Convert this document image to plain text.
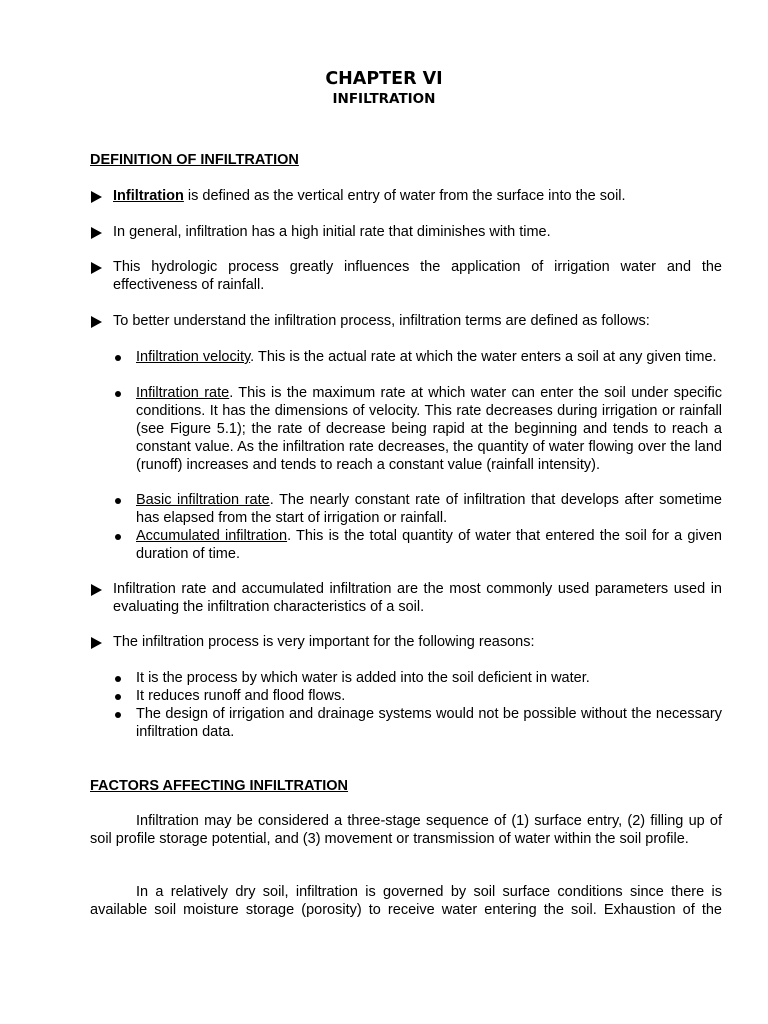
CHAPTER VI
INFILTRATION
DEFINITION OF INFILTRATION
Infiltration is defined as the vertical entry of water from the surface into the soil.
In general, infiltration has a high initial rate that diminishes with time.
This hydrologic process greatly influences the application of irrigation water and the effectiveness of rainfall.
To better understand the infiltration process, infiltration terms are defined as follows:
Infiltration velocity. This is the actual rate at which the water enters a soil at any given time.
Infiltration rate. This is the maximum rate at which water can enter the soil under specific conditions. It has the dimensions of velocity. This rate decreases during irrigation or rainfall (see Figure 5.1); the rate of decrease being rapid at the beginning and tends to reach a constant value. As the infiltration rate decreases, the quantity of water flowing over the land (runoff) increases and tends to reach a constant value (rainfall intensity).
Basic infiltration rate. The nearly constant rate of infiltration that develops after sometime has elapsed from the start of irrigation or rainfall.
Accumulated infiltration. This is the total quantity of water that entered the soil for a given duration of time.
Infiltration rate and accumulated infiltration are the most commonly used parameters used in evaluating the infiltration characteristics of a soil.
The infiltration process is very important for the following reasons:
It is the process by which water is added into the soil deficient in water.
It reduces runoff and flood flows.
The design of irrigation and drainage systems would not be possible without the necessary infiltration data.
FACTORS AFFECTING INFILTRATION
Infiltration may be considered a three-stage sequence of (1) surface entry, (2) filling up of soil profile storage potential, and (3) movement or transmission of water within the soil profile.
In a relatively dry soil, infiltration is governed by soil surface conditions since there is available soil moisture storage (porosity) to receive water entering the soil. Exhaustion of the
